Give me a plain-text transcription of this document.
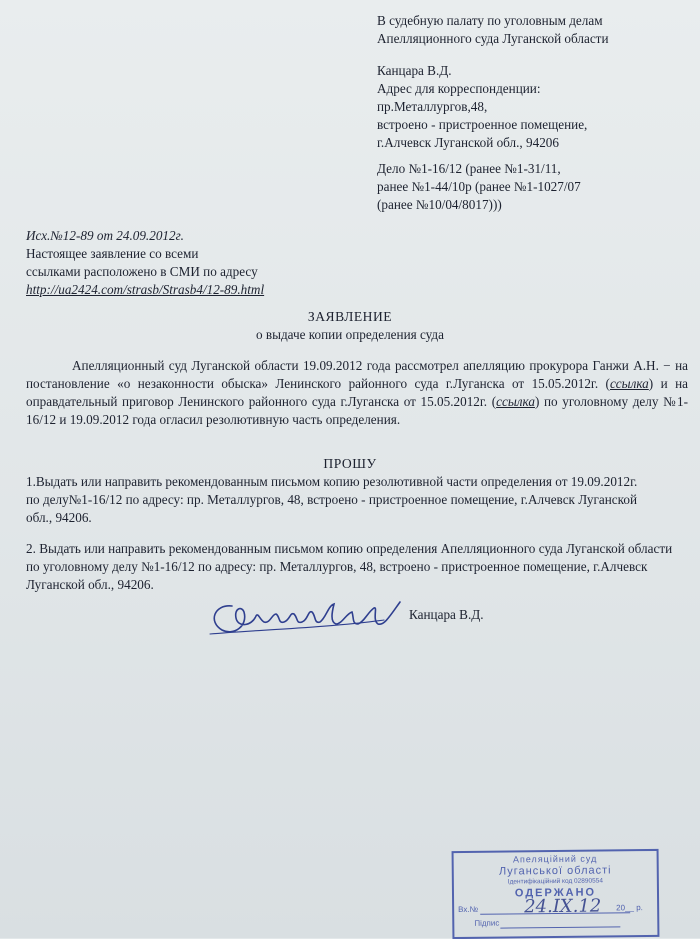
В судебную палату по уголовным делам
Апелляционного суда Луганской области
Канцара В.Д.
Адрес для корреспонденции:
пр.Металлургов,48,
встроено - пристроенное помещение,
г.Алчевск Луганской обл., 94206
Дело №1-16/12 (ранее №1-31/11,
ранее №1-44/10р (ранее №1-1027/07
(ранее №10/04/8017)))
Исх.№12-89 от 24.09.2012г.
Настоящее заявление со всеми
ссылками расположено в СМИ по адресу
http://ua2424.com/strasb/Strasb4/12-89.html
ЗАЯВЛЕНИЕ
о выдаче копии определения суда
Апелляционный суд Луганской области 19.09.2012 года рассмотрел апелляцию прокурора Ганжи А.Н. − на постановление «о незаконности обыска» Ленинского районного суда г.Луганска от 15.05.2012г. (ссылка) и на оправдательный приговор Ленинского районного суда г.Луганска от 15.05.2012г. (ссылка) по уголовному делу №1-16/12 и 19.09.2012 года огласил резолютивную часть определения.
ПРОШУ
1.Выдать или направить рекомендованным письмом копию резолютивной части определения от 19.09.2012г. по делу№1-16/12 по адресу: пр. Металлургов, 48, встроено - пристроенное помещение, г.Алчевск Луганской обл., 94206.
2. Выдать или направить рекомендованным письмом копию определения Апелляционного суда Луганской области по уголовному делу №1-16/12 по адресу: пр. Металлургов, 48, встроено - пристроенное помещение, г.Алчевск Луганской обл., 94206.
Канцара В.Д.
Апеляційний суд
Луганської області
Ідентифікаційний код 02890554
ОДЕРЖАНО
Вх.№	24.IX.12 20__ р.
Підпис
